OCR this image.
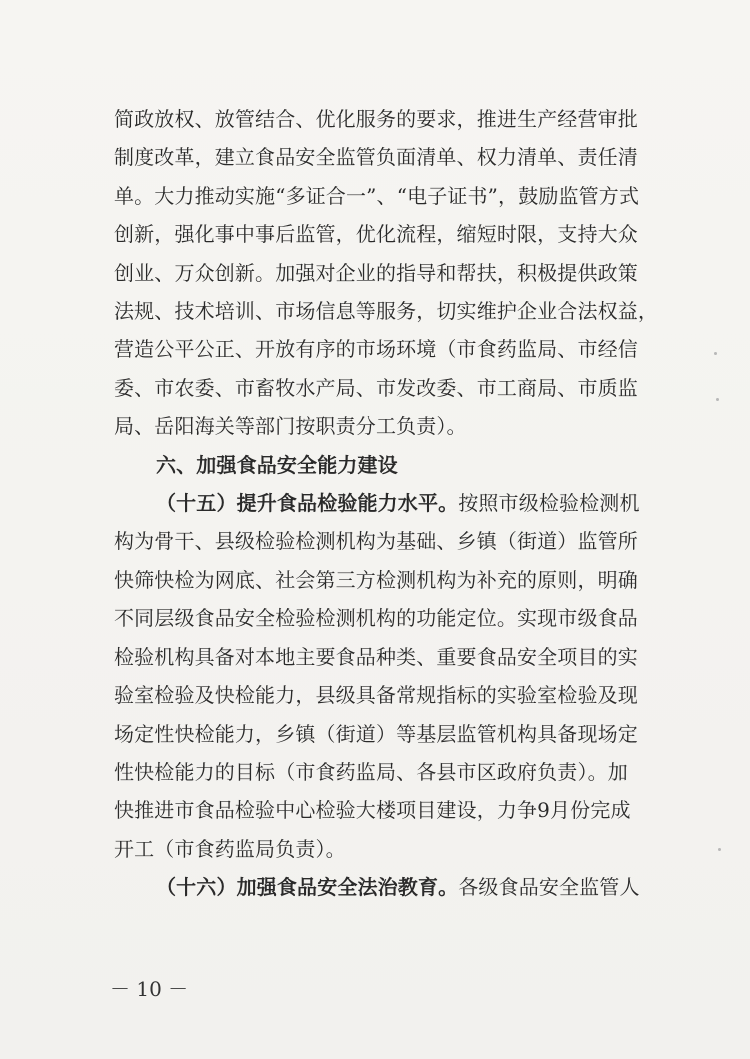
简政放权、放管结合、优化服务的要求，推进生产经营审批
制度改革，建立食品安全监管负面清单、权力清单、责任清
单。大力推动实施“多证合一”、“电子证书”，鼓励监管方式
创新，强化事中事后监管，优化流程，缩短时限，支持大众
创业、万众创新。加强对企业的指导和帮扶，积极提供政策
法规、技术培训、市场信息等服务，切实维护企业合法权益，
营造公平公正、开放有序的市场环境（市食药监局、市经信
委、市农委、市畜牧水产局、市发改委、市工商局、市质监
局、岳阳海关等部门按职责分工负责）。
六、加强食品安全能力建设
（十五）提升食品检验能力水平。按照市级检验检测机
构为骨干、县级检验检测机构为基础、乡镇（街道）监管所
快筛快检为网底、社会第三方检测机构为补充的原则，明确
不同层级食品安全检验检测机构的功能定位。实现市级食品
检验机构具备对本地主要食品种类、重要食品安全项目的实
验室检验及快检能力，县级具备常规指标的实验室检验及现
场定性快检能力，乡镇（街道）等基层监管机构具备现场定
性快检能力的目标（市食药监局、各县市区政府负责）。加
快推进市食品检验中心检验大楼项目建设，力争9月份完成
开工（市食药监局负责）。
（十六）加强食品安全法治教育。各级食品安全监管人
－ 10 －
